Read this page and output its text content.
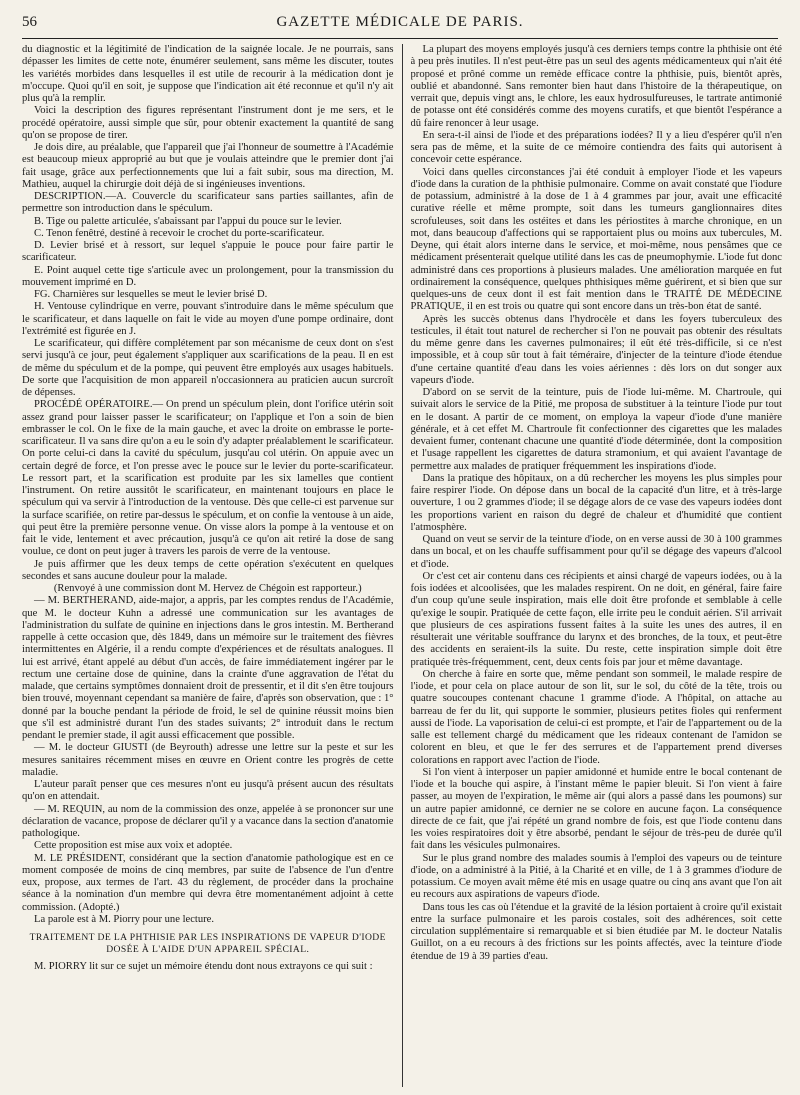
56	GAZETTE MÉDICALE DE PARIS.

du diagnostic et la légitimité de l'indication de la saignée locale. Je ne pourrais, sans dépasser les limites de cette note, énumérer seulement, sans même les discuter, toutes les variétés morbides dans lesquelles il est utile de recourir à la médication dont je m'occupe. Quoi qu'il en soit, je suppose que l'indication ait été reconnue et qu'il n'y ait plus qu'à la remplir.

Voici la description des figures représentant l'instrument dont je me sers, et le procédé opératoire, aussi simple que sûr, pour obtenir exactement la quantité de sang qu'on se propose de tirer.

Je dois dire, au préalable, que l'appareil que j'ai l'honneur de soumettre à l'Académie est beaucoup mieux approprié au but que je voulais atteindre que le premier dont j'ai fait usage, grâce aux perfectionnements que lui a fait subir, sous ma direction, M. Mathieu, auquel la chirurgie doit déjà de si ingénieuses inventions.

DESCRIPTION.—A. Couvercle du scarificateur sans parties saillantes, afin de permettre son introduction dans le spéculum.

B. Tige ou palette articulée, s'abaissant par l'appui du pouce sur le levier.

C. Tenon fenêtré, destiné à recevoir le crochet du porte-scarificateur.

D. Levier brisé et à ressort, sur lequel s'appuie le pouce pour faire partir le scarificateur.

E. Point auquel cette tige s'articule avec un prolongement, pour la transmission du mouvement imprimé en D.

FG. Charnières sur lesquelles se meut le levier brisé D.

H. Ventouse cylindrique en verre, pouvant s'introduire dans le même spéculum que le scarificateur, et dans laquelle on fait le vide au moyen d'une pompe ordinaire, dont l'extrémité est figurée en J.

Le scarificateur, qui diffère complétement par son mécanisme de ceux dont on s'est servi jusqu'à ce jour, peut également s'appliquer aux scarifications de la peau. Il en est de même du spéculum et de la pompe, qui peuvent être employés aux usages habituels. De sorte que l'acquisition de mon appareil n'occasionnera au praticien aucun surcroît de dépenses.

PROCÉDÉ OPÉRATOIRE.— On prend un spéculum plein, dont l'orifice utérin soit assez grand pour laisser passer le scarificateur; on l'applique et l'on a soin de bien embrasser le col. On le fixe de la main gauche, et avec la droite on embrasse le porte-scarificateur. Il va sans dire qu'on a eu le soin d'y adapter préalablement le scarificateur. On porte celui-ci dans la cavité du spéculum, jusqu'au col utérin. On appuie avec un certain degré de force, et l'on presse avec le pouce sur le levier du porte-scarificateur. Le ressort part, et la scarification est produite par les six lamelles que contient l'instrument. On retire aussitôt le scarificateur, en maintenant toujours en place le spéculum qui va servir à l'introduction de la ventouse. Dès que celle-ci est parvenue sur la surface scarifiée, on retire par-dessus le spéculum, et on confie la ventouse à un aide, qui peut être la première personne venue. On visse alors la pompe à la ventouse et on fait le vide, lentement et avec précaution, jusqu'à ce qu'on ait retiré la dose de sang voulue, ce dont on peut juger à travers les parois de verre de la ventouse.

Je puis affirmer que les deux temps de cette opération s'exécutent en quelques secondes et sans aucune douleur pour la malade.

(Renvoyé à une commission dont M. Hervez de Chégoin est rapporteur.)

— M. BERTHERAND, aide-major, a appris, par les comptes rendus de l'Académie, que M. le docteur Kuhn a adressé une communication sur les avantages de l'administration du sulfate de quinine en injections dans le gros intestin. M. Bertherand rappelle à cette occasion que, dès 1849, dans un mémoire sur le traitement des fièvres intermittentes en Algérie, il a rendu compte d'expériences et de résultats analogues. Il lui est arrivé, étant appelé au début d'un accès, de faire immédiatement ingérer par le rectum une certaine dose de quinine, dans la crainte d'une aggravation de l'état du malade, que certains symptômes donnaient droit de pressentir, et il dit s'en être toujours bien trouvé, moyennant cependant sa manière de faire, d'après son observation, que : 1° donné par la bouche pendant la période de froid, le sel de quinine réussit moins bien que s'il est administré durant l'un des stades suivants; 2° introduit dans le rectum pendant le premier stade, il agit aussi efficacement que possible.

— M. le docteur GIUSTI (de Beyrouth) adresse une lettre sur la peste et sur les mesures sanitaires récemment mises en œuvre en Orient contre les progrès de cette maladie.

L'auteur paraît penser que ces mesures n'ont eu jusqu'à présent aucun des résultats qu'on en attendait.

— M. REQUIN, au nom de la commission des onze, appelée à se prononcer sur une déclaration de vacance, propose de déclarer qu'il y a vacance dans la section d'anatomie pathologique.

Cette proposition est mise aux voix et adoptée.

M. LE PRÉSIDENT, considérant que la section d'anatomie pathologique est en ce moment composée de moins de cinq membres, par suite de l'absence de l'un d'entre eux, propose, aux termes de l'art. 43 du règlement, de procéder dans la prochaine séance à la nomination d'un membre qui devra être momentanément adjoint à cette commission. (Adopté.)

La parole est à M. Piorry pour une lecture.

TRAITEMENT DE LA PHTHISIE PAR LES INSPIRATIONS DE VAPEUR D'IODE DOSÉE À L'AIDE D'UN APPAREIL SPÉCIAL.

M. PIORRY lit sur ce sujet un mémoire étendu dont nous extrayons ce qui suit :

La plupart des moyens employés jusqu'à ces derniers temps contre la phthisie ont été à peu près inutiles. Il n'est peut-être pas un seul des agents médicamenteux qui n'ait été proposé et prôné comme un remède efficace contre la phthisie, puis, bientôt après, oublié et abandonné. Sans remonter bien haut dans l'histoire de la thérapeutique, on verrait que, depuis vingt ans, le chlore, les eaux hydrosulfureuses, le tartrate antimonié de potasse ont été considérés comme des moyens curatifs, et que bientôt l'espérance a dû faire renoncer à leur usage.

En sera-t-il ainsi de l'iode et des préparations iodées? Il y a lieu d'espérer qu'il n'en sera pas de même, et la suite de ce mémoire contiendra des faits qui autorisent à concevoir cette espérance.

Voici dans quelles circonstances j'ai été conduit à employer l'iode et les vapeurs d'iode dans la curation de la phthisie pulmonaire. Comme on avait constaté que l'iodure de potassium, administré à la dose de 1 à 4 grammes par jour, avait une efficacité curative réelle et même prompte, soit dans les tumeurs ganglionnaires dites scrofuleuses, soit dans les ostéites et dans les périostites à marche chronique, en un mot, dans beaucoup d'affections qui se rapportaient plus ou moins aux tubercules, M. Deyne, qui était alors interne dans le service, et moi-même, nous pensâmes que ce médicament présenterait quelque utilité dans les cas de pneumophymie. L'iode fut donc administré dans ces proportions à plusieurs malades. Une amélioration marquée en fut ordinairement la conséquence, quelques phthisiques même guérirent, et si bien que sur quelques-uns de ceux dont il est fait mention dans le TRAITÉ DE MÉDECINE PRATIQUE, il en est trois ou quatre qui sont encore dans un très-bon état de santé.

Après les succès obtenus dans l'hydrocèle et dans les foyers tuberculeux des testicules, il était tout naturel de rechercher si l'on ne pouvait pas obtenir des résultats du même genre dans les cavernes pulmonaires; il eût été très-difficile, si ce n'est impossible, et à coup sûr tout à fait téméraire, d'injecter de la teinture d'iode étendue d'une certaine quantité d'eau dans les voies aériennes : dès lors on dut songer aux vapeurs d'iode.

D'abord on se servit de la teinture, puis de l'iode lui-même. M. Chartroule, qui suivait alors le service de la Pitié, me proposa de substituer à la teinture l'iode pur tout en le dosant. A partir de ce moment, on employa la vapeur d'iode d'une manière générale, et à cet effet M. Chartroule fit confectionner des cigarettes que les malades devaient fumer, contenant chacune une quantité d'iode déterminée, dont la composition et l'usage rappellent les cigarettes de datura stramonium, et qui avaient l'avantage de permettre aux malades de pratiquer fréquemment les inspirations d'iode.

Dans la pratique des hôpitaux, on a dû rechercher les moyens les plus simples pour faire respirer l'iode. On dépose dans un bocal de la capacité d'un litre, et à très-large ouverture, 1 ou 2 grammes d'iode; il se dégage alors de ce vase des vapeurs iodées dont les proportions varient en raison du degré de chaleur et d'humidité que contient l'atmosphère.

Quand on veut se servir de la teinture d'iode, on en verse aussi de 30 à 100 grammes dans un bocal, et on les chauffe suffisamment pour qu'il se dégage des vapeurs d'alcool et d'iode.

Or c'est cet air contenu dans ces récipients et ainsi chargé de vapeurs iodées, ou à la fois iodées et alcoolisées, que les malades respirent. On ne doit, en général, faire faire d'un coup qu'une seule inspiration, mais elle doit être profonde et semblable à celle qu'exige le soupir. Pratiquée de cette façon, elle irrite peu le conduit aérien. S'il arrivait que plusieurs de ces aspirations fussent faites à la suite les unes des autres, il en résulterait une véritable souffrance du larynx et des bronches, de la toux, et peut-être des accidents en seraient-ils la suite. Du reste, cette inspiration simple doit être pratiquée très-fréquemment, cent, deux cents fois par jour et même davantage.

On cherche à faire en sorte que, même pendant son sommeil, le malade respire de l'iode, et pour cela on place autour de son lit, sur le sol, du côté de la tête, trois ou quatre soucoupes contenant chacune 1 gramme d'iode. A l'hôpital, on attache au barreau de fer du lit, qui supporte le sommier, plusieurs petites fioles qui renferment aussi de l'iode. La vaporisation de celui-ci est prompte, et l'air de l'appartement ou de la salle est tellement chargé du médicament que les rideaux contenant de l'amidon se colorent en bleu, et que le fer des serrures et de l'appartement prend diverses colorations en rapport avec l'action de l'iode.

Si l'on vient à interposer un papier amidonné et humide entre le bocal contenant de l'iode et la bouche qui aspire, à l'instant même le papier bleuit. Si l'on vient à faire passer, au moyen de l'expiration, le même air (qui alors a passé dans les poumons) sur un autre papier amidonné, ce dernier ne se colore en aucune façon. La conséquence directe de ce fait, que j'ai répété un grand nombre de fois, est que l'iode contenu dans les voies respiratoires doit y être absorbé, pendant le séjour de très-peu de durée qu'il fait dans les vésicules pulmonaires.

Sur le plus grand nombre des malades soumis à l'emploi des vapeurs ou de teinture d'iode, on a administré à la Pitié, à la Charité et en ville, de 1 à 3 grammes d'iodure de potassium. Ce moyen avait même été mis en usage quatre ou cinq ans avant que l'on ait eu recours aux aspirations de vapeurs d'iode.

Dans tous les cas où l'étendue et la gravité de la lésion portaient à croire qu'il existait entre la surface pulmonaire et les parois costales, soit des adhérences, soit cette circulation supplémentaire si remarquable et si bien étudiée par M. le docteur Natalis Guillot, on a eu recours à des frictions sur les points affectés, avec la teinture d'iode étendue de 19 à 39 parties d'eau.
